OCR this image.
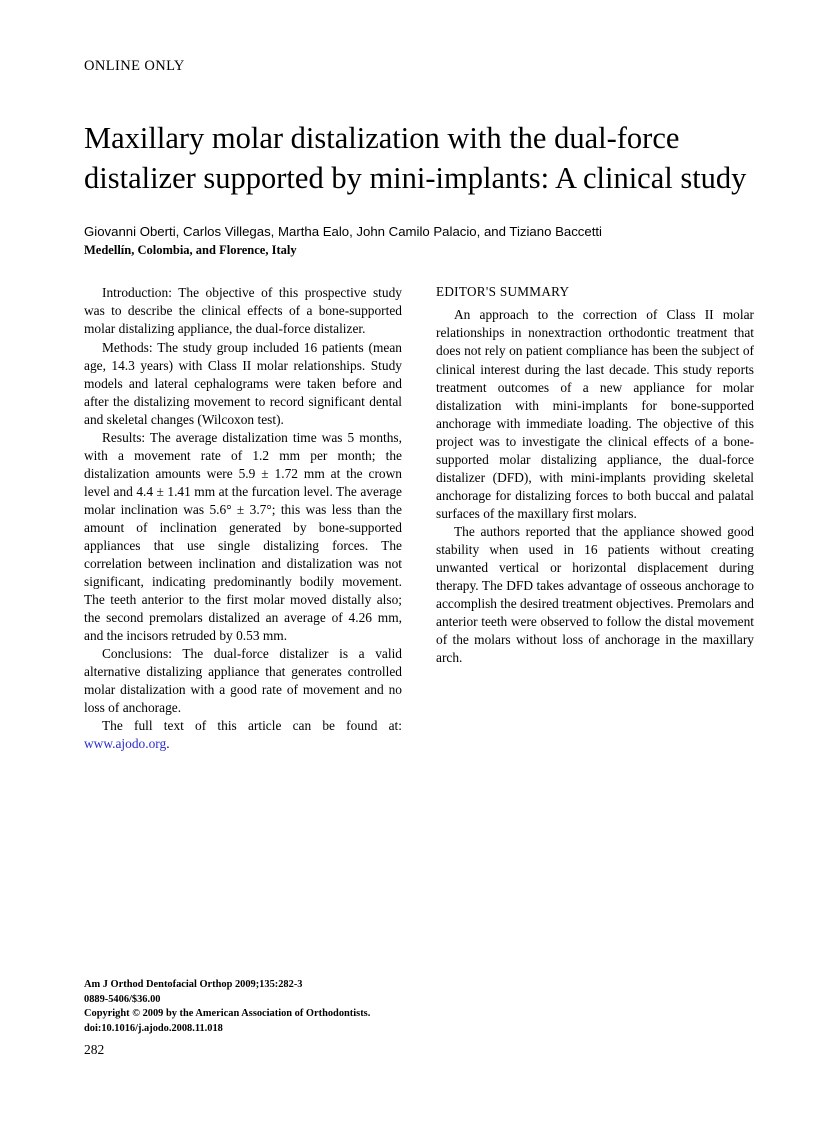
ONLINE ONLY
Maxillary molar distalization with the dual-force distalizer supported by mini-implants: A clinical study
Giovanni Oberti, Carlos Villegas, Martha Ealo, John Camilo Palacio, and Tiziano Baccetti
Medellín, Colombia, and Florence, Italy

Introduction: The objective of this prospective study was to describe the clinical effects of a bone-supported molar distalizing appliance, the dual-force distalizer.

Methods: The study group included 16 patients (mean age, 14.3 years) with Class II molar relationships. Study models and lateral cephalograms were taken before and after the distalizing movement to record significant dental and skeletal changes (Wilcoxon test).

Results: The average distalization time was 5 months, with a movement rate of 1.2 mm per month; the distalization amounts were 5.9 ± 1.72 mm at the crown level and 4.4 ± 1.41 mm at the furcation level. The average molar inclination was 5.6° ± 3.7°; this was less than the amount of inclination generated by bone-supported appliances that use single distalizing forces. The correlation between inclination and distalization was not significant, indicating predominantly bodily movement. The teeth anterior to the first molar moved distally also; the second premolars distalized an average of 4.26 mm, and the incisors retruded by 0.53 mm.

Conclusions: The dual-force distalizer is a valid alternative distalizing appliance that generates controlled molar distalization with a good rate of movement and no loss of anchorage.

The full text of this article can be found at: www.ajodo.org.

EDITOR'S SUMMARY

An approach to the correction of Class II molar relationships in nonextraction orthodontic treatment that does not rely on patient compliance has been the subject of clinical interest during the last decade. This study reports treatment outcomes of a new appliance for molar distalization with mini-implants for bone-supported anchorage with immediate loading. The objective of this project was to investigate the clinical effects of a bone-supported molar distalizing appliance, the dual-force distalizer (DFD), with mini-implants providing skeletal anchorage for distalizing forces to both buccal and palatal surfaces of the maxillary first molars.

The authors reported that the appliance showed good stability when used in 16 patients without creating unwanted vertical or horizontal displacement during therapy. The DFD takes advantage of osseous anchorage to accomplish the desired treatment objectives. Premolars and anterior teeth were observed to follow the distal movement of the molars without loss of anchorage in the maxillary arch.

Am J Orthod Dentofacial Orthop 2009;135:282-3
0889-5406/$36.00
Copyright © 2009 by the American Association of Orthodontists.
doi:10.1016/j.ajodo.2008.11.018
282
